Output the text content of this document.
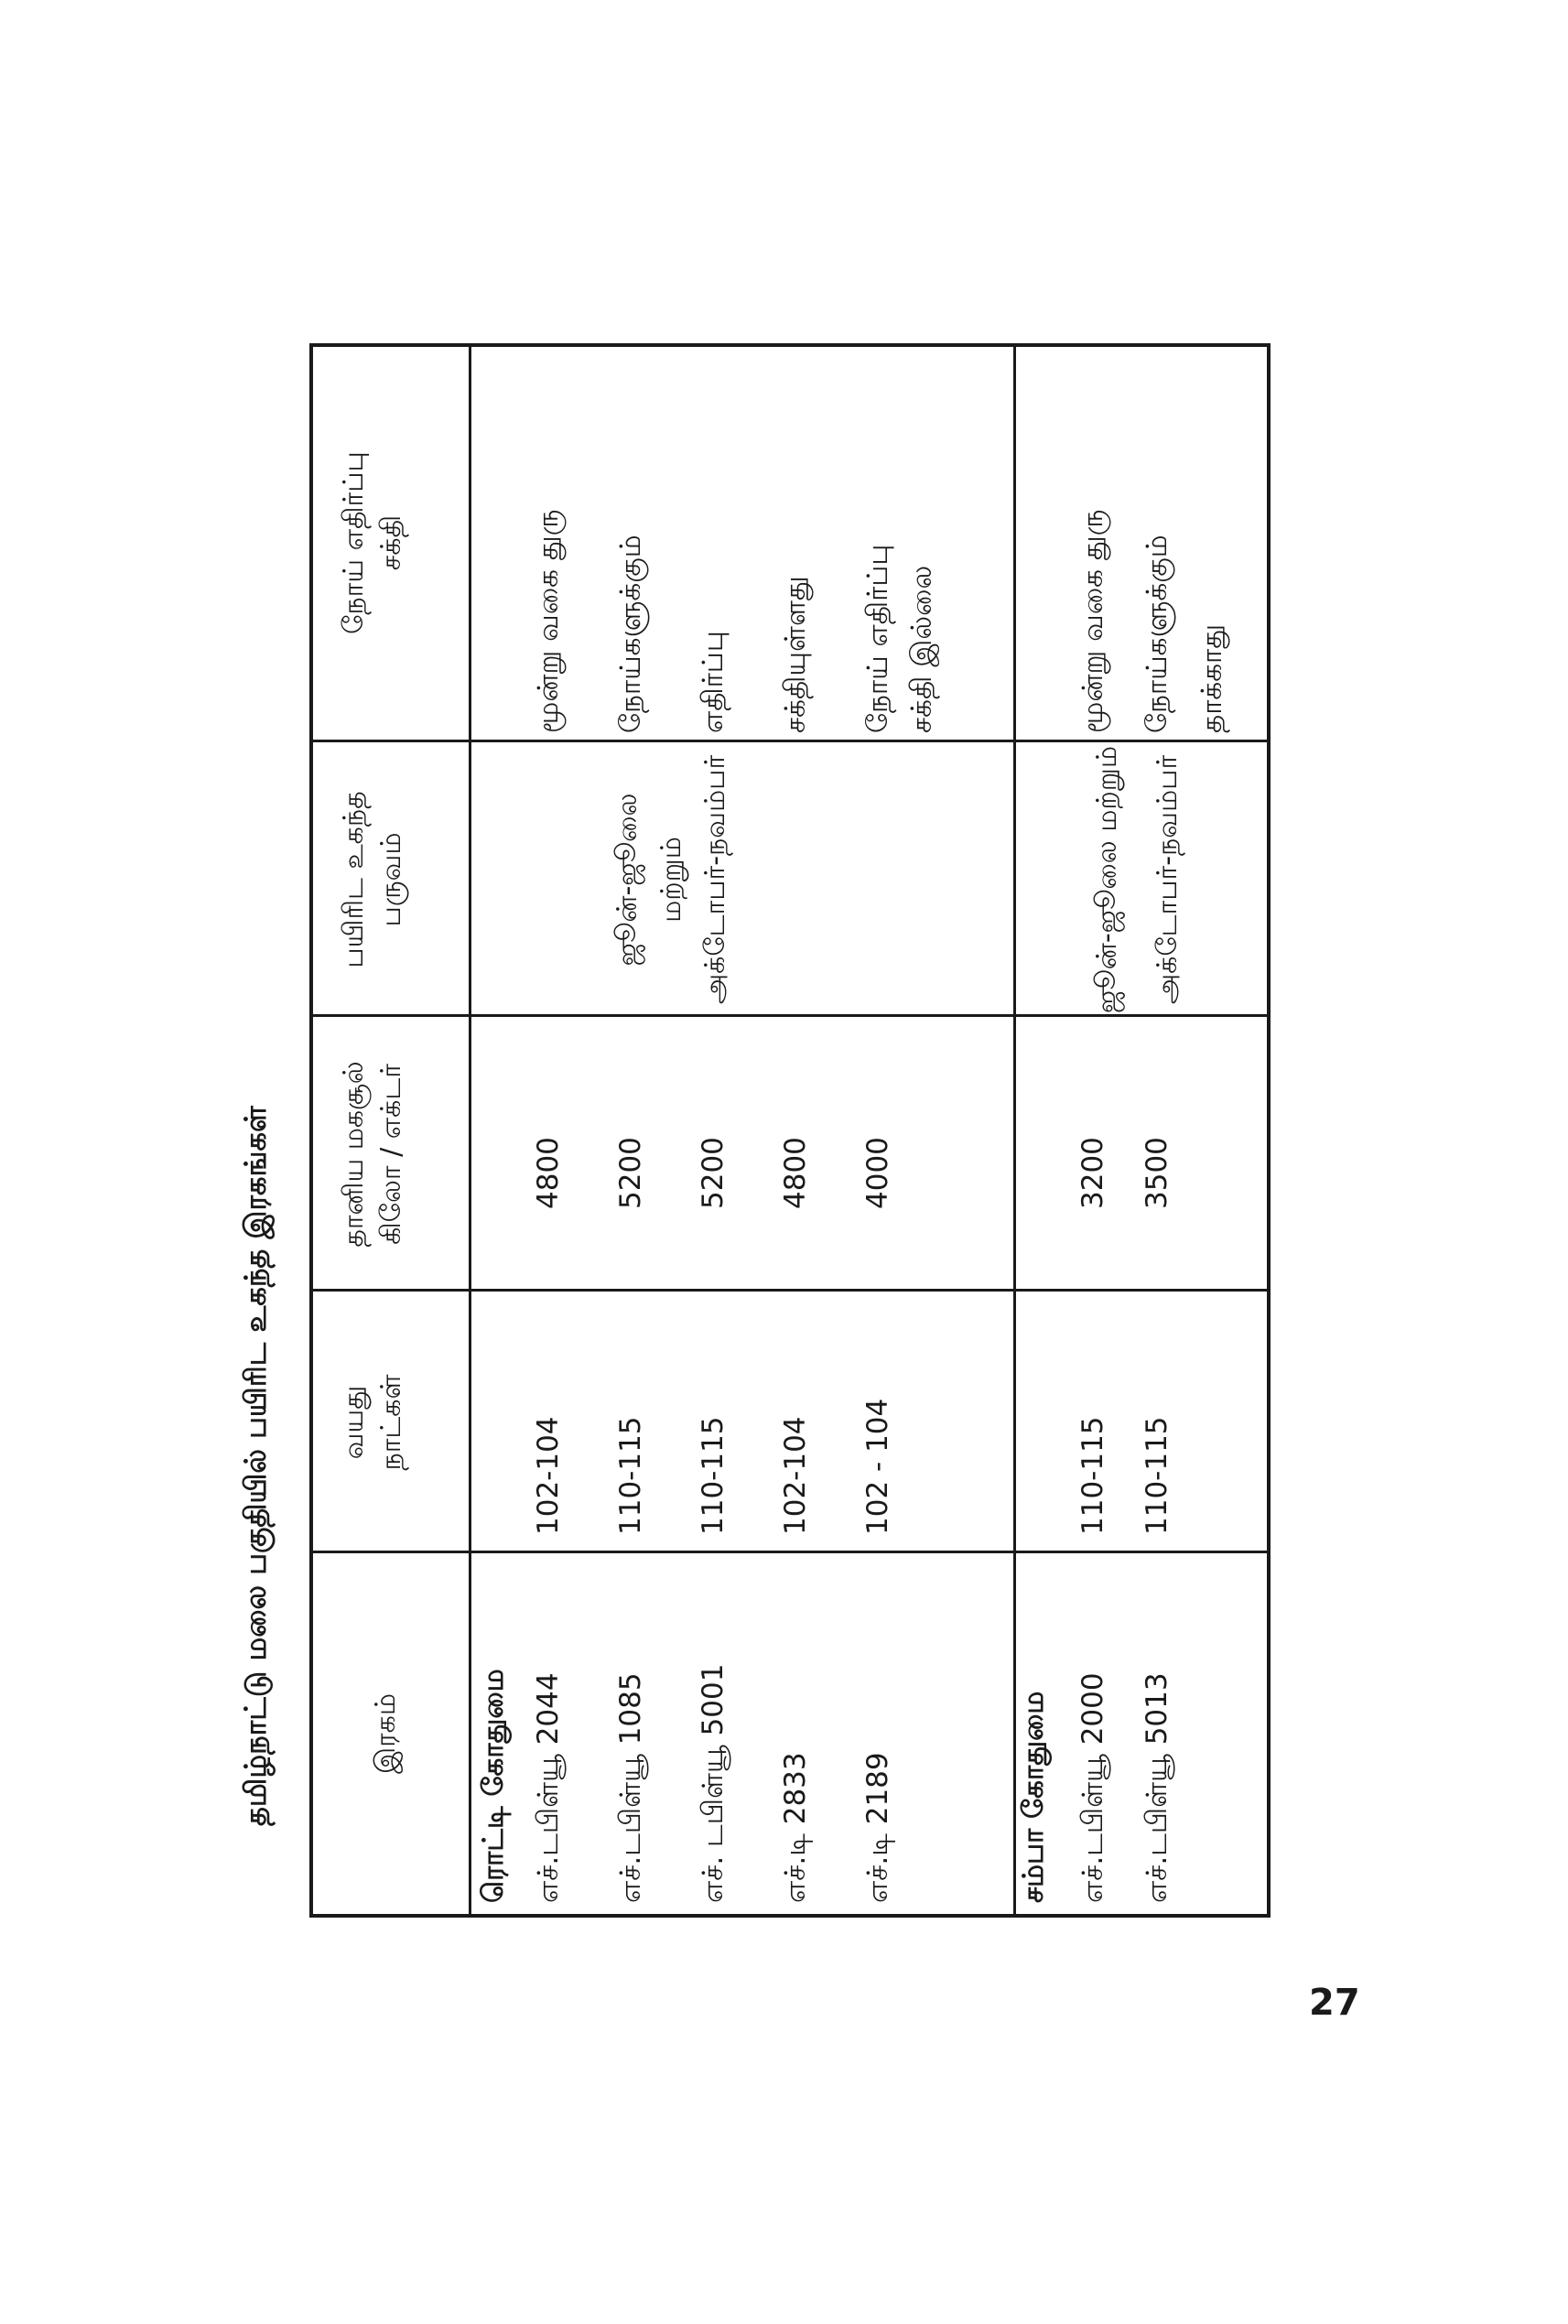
தமிழ்நாட்டு மலை பகுதியில் பயிரிட உகந்த இரகங்கள்	இரகம்
வயது நாட்கள்
தானிய மகசூல் கிலோ / எக்டர்
பயிரிட உகந்த பருவம்
நோய் எதிர்ப்பு சக்தி
ரொட்டி கோதுமை எச்.டபிள்யூ 2044
102-104
4800
எச்.டபிள்யூ 1085
110-115
5200
எச். டபிள்யூ 5001
110-115
5200
எச்.டி 2833
102-104
4800
எச்.டி 2189
102 - 104
4000
ஜூன்-ஜூலை மற்றும் அக்டோபர்-நவம்பர்
மூன்று வகை துரு நோய்களுக்கும் எதிர்ப்பு சக்தியுள்ளது நோய் எதிர்ப்பு சக்தி இல்லை
சம்பா கோதுமை எச்.டபிள்யூ 2000
110-115
3200
எச்.டபிள்யூ 5013
110-115
3500
ஜூன்-ஜூலை மற்றும்	அக்டோபர்-நவம்பர்
மூன்று வகை துரு நோய்களுக்கும் தாக்காது
27
